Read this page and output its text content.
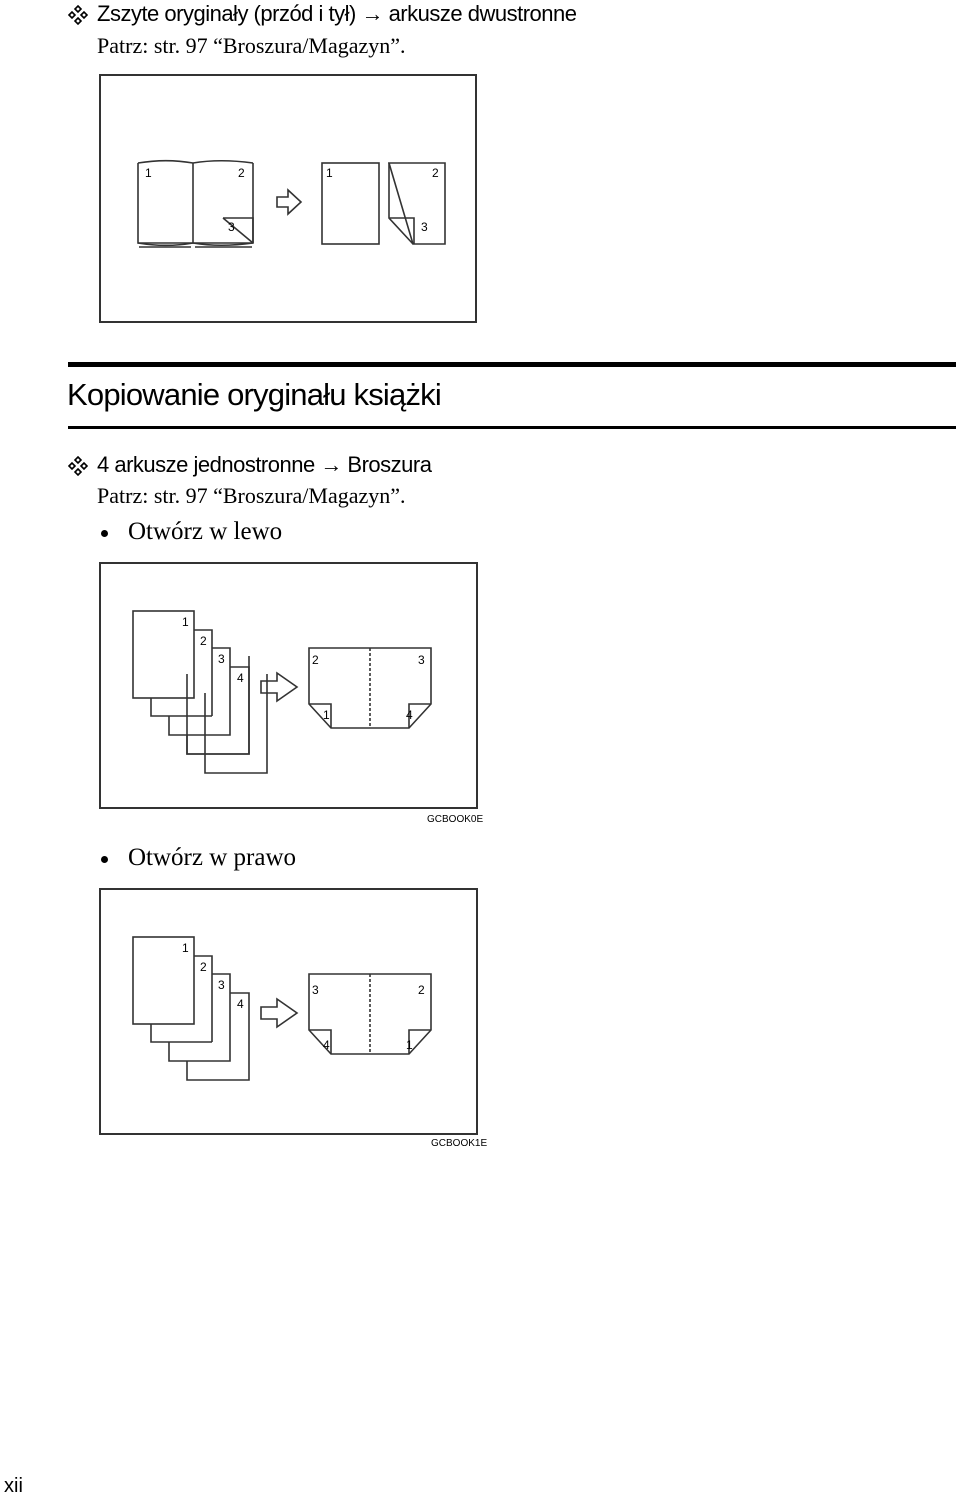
Zszyte oryginały (przód i tył) → arkusze dwustronne
Patrz: str. 97 “Broszura/Magazyn”.
1	2
3
1	2
3
Kopiowanie oryginału książki
4 arkusze jednostronne → Broszura
Patrz: str. 97 “Broszura/Magazyn”.
Otwórz w lewo
1
2
3
4
2	3
1	4
GCBOOK0E
Otwórz w prawo
1
2
3
4
3	2
4	1
GCBOOK1E
xii
